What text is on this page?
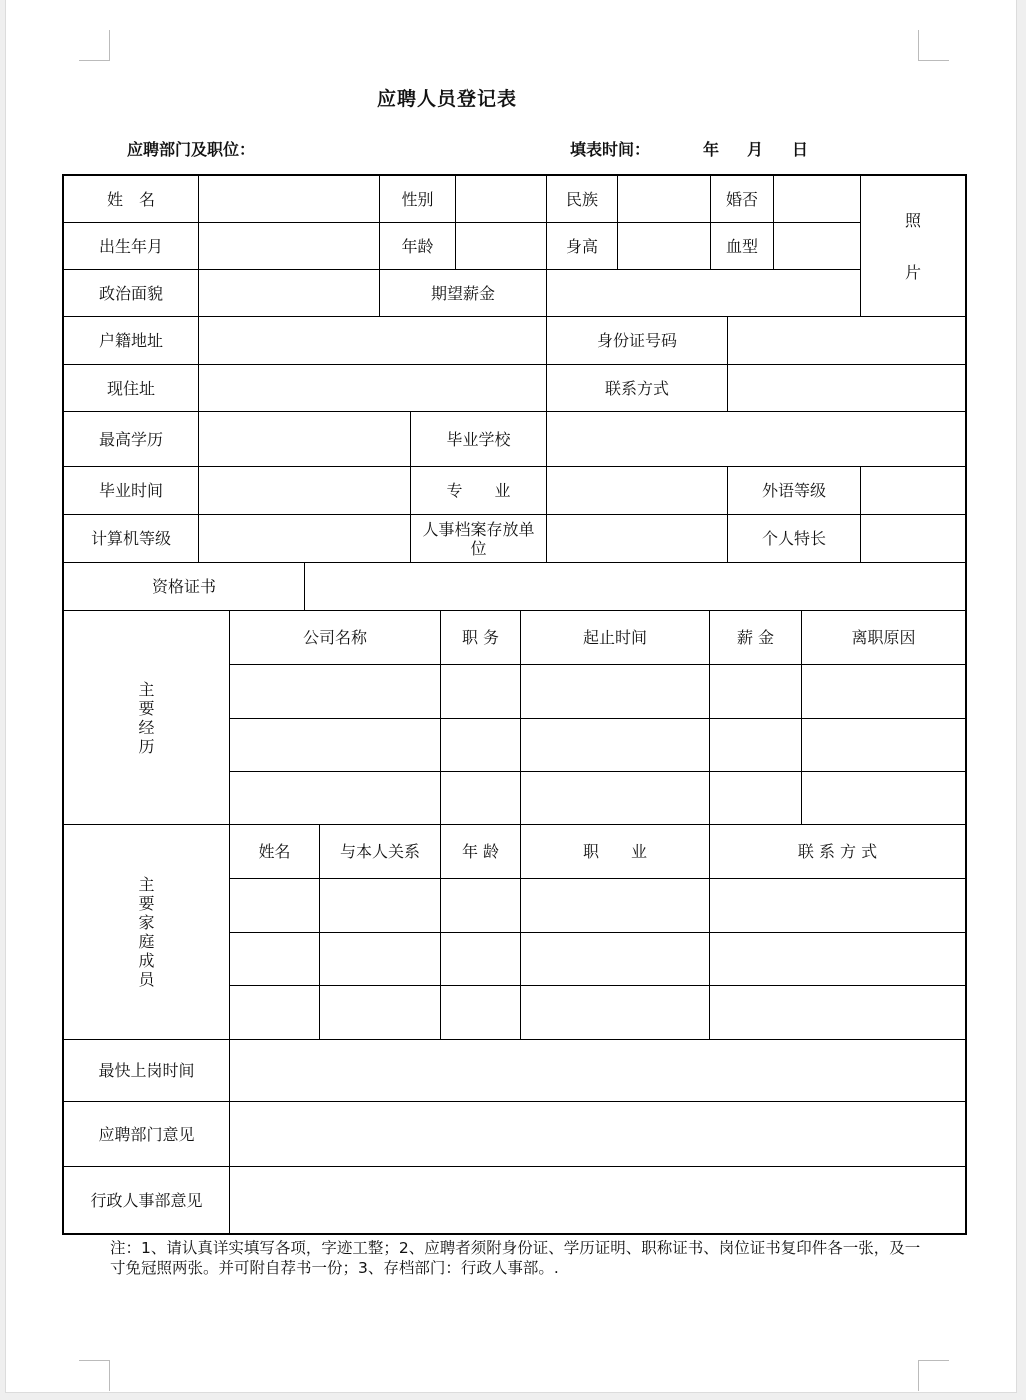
应聘人员登记表
应聘部门及职位：	填表时间：	年 月 日
姓　名	性别	民族	婚否
照
片
出生年月	年龄	身高	血型
政治面貌	期望薪金
户籍地址	身份证号码
现住址	联系方式
最高学历	毕业学校
毕业时间	专　　业	外语等级
计算机等级	人事档案存放单位	个人特长
资格证书
主
要
经
历
公司名称	职 务	起止时间	薪 金	离职原因
主
要
家
庭
成
员
姓名	与本人关系	年 龄	职　　业	联 系 方 式
最快上岗时间
应聘部门意见
行政人事部意见
注：1、请认真详实填写各项，字迹工整；2、应聘者须附身份证、学历证明、职称证书、岗位证书复印件各一张，及一寸免冠照两张。并可附自荐书一份；3、存档部门：行政人事部。.
